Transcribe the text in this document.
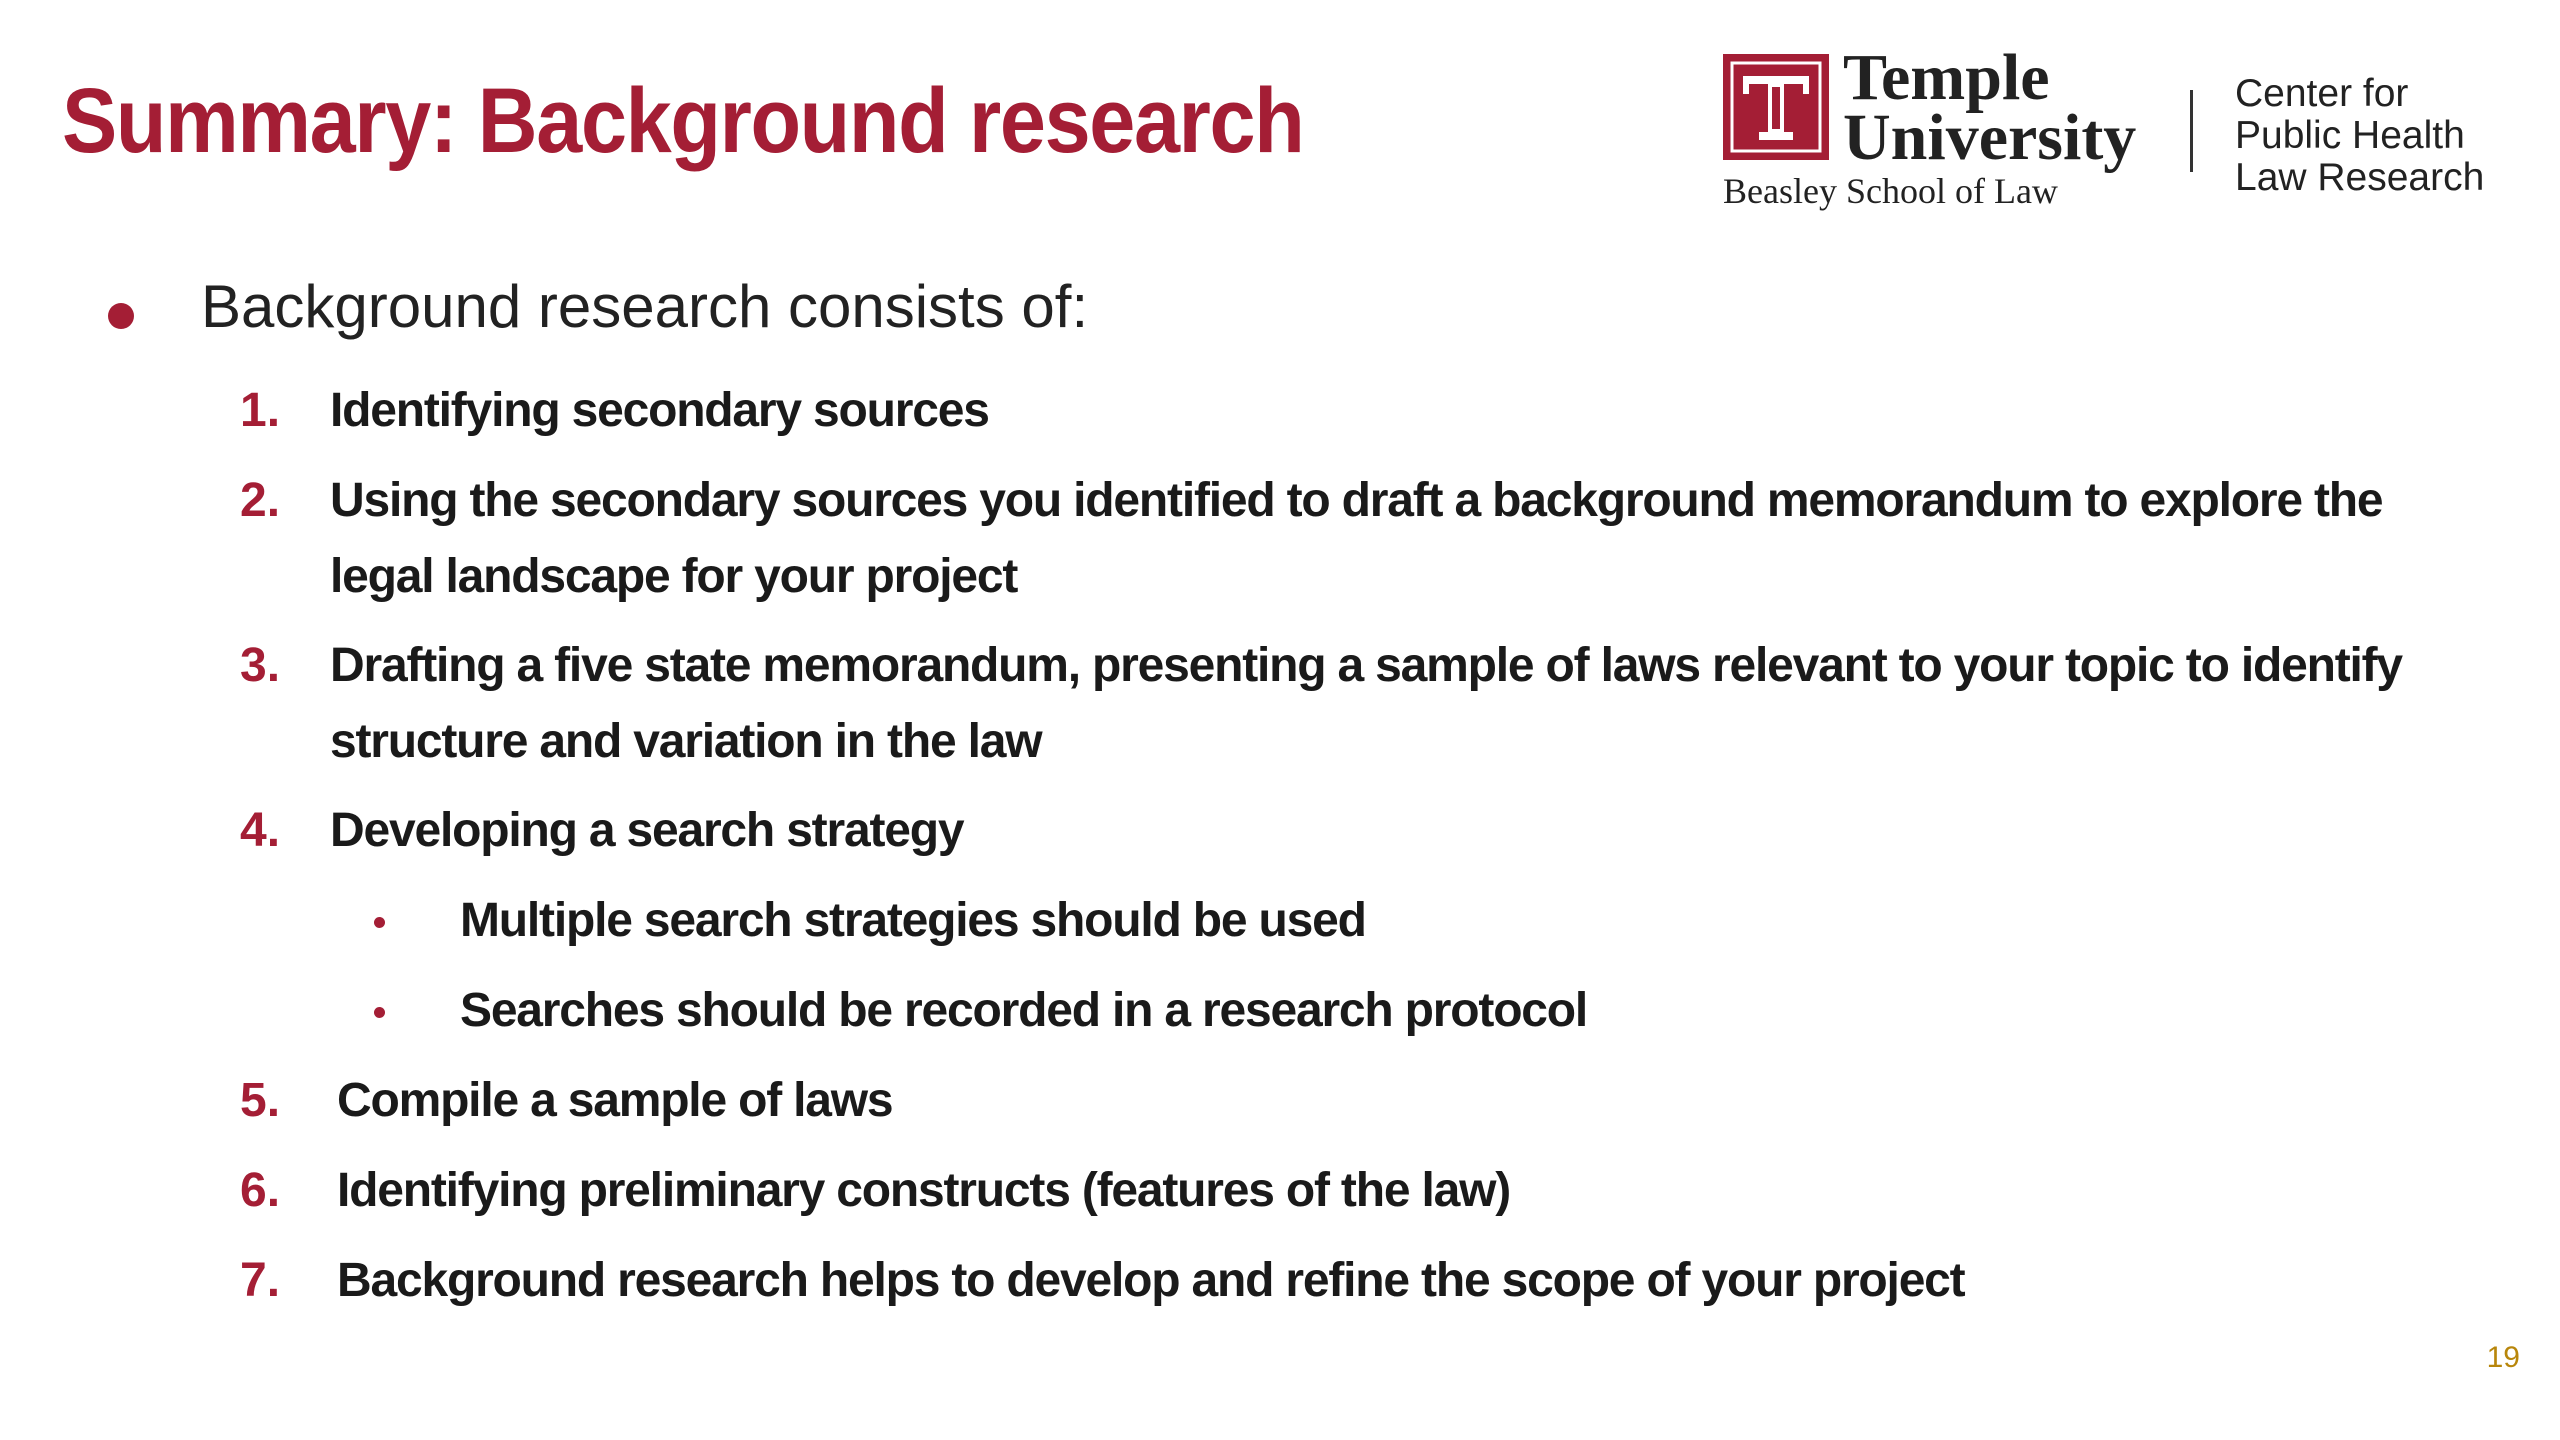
Summary: Background research	Temple
University
Beasley School of Law
Center for
Public Health
Law Research
Background research consists of:
1. Identifying secondary sources
2. Using the secondary sources you identified to draft a background memorandum to explore the legal landscape for your project
3. Drafting a five state memorandum, presenting a sample of laws relevant to your topic to identify structure and variation in the law
4. Developing a search strategy
Multiple search strategies should be used
Searches should be recorded in a research protocol
5. Compile a sample of laws
6. Identifying preliminary constructs (features of the law)
7. Background research helps to develop and refine the scope of your project
19
